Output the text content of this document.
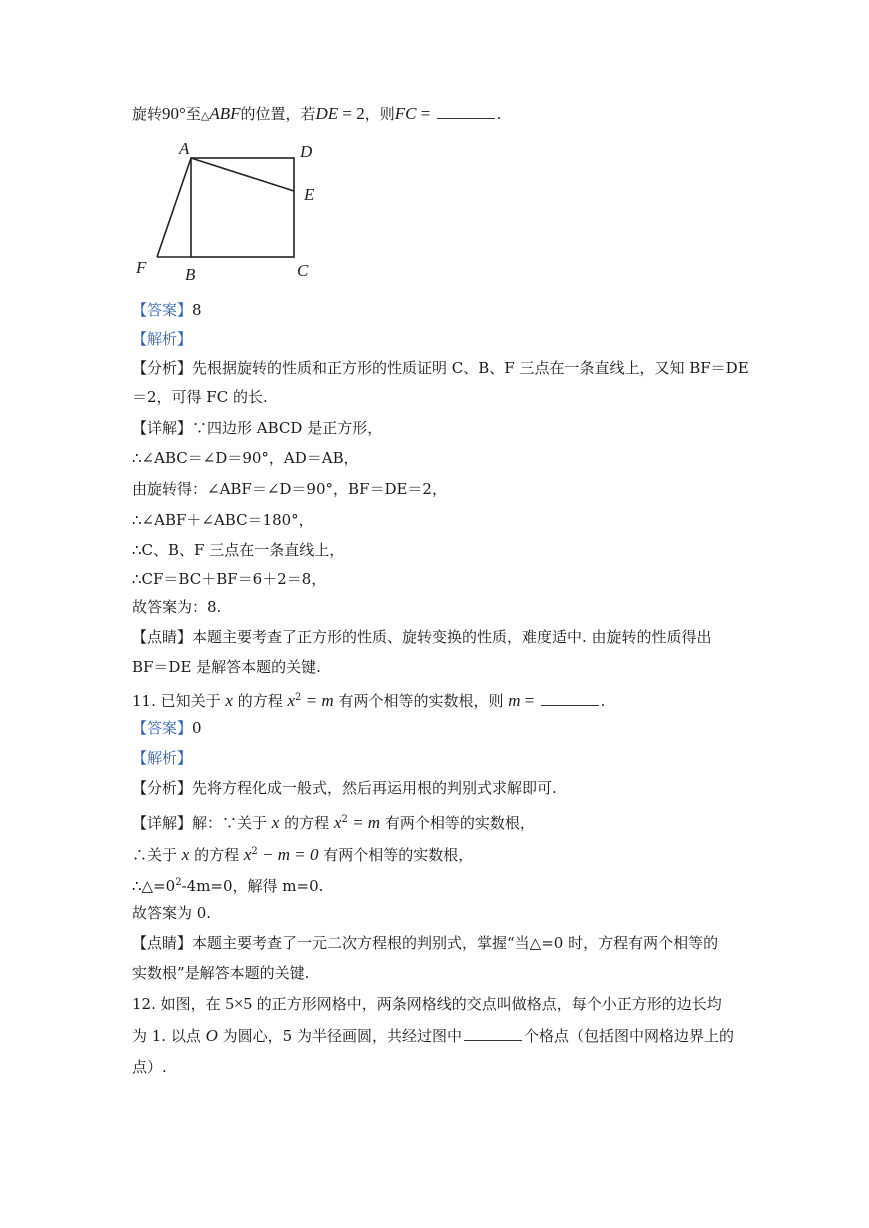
旋转90°至△ABF的位置，若DE = 2，则FC =	.
A	D
E
F B	C
【答案】8
【解析】
【分析】先根据旋转的性质和正方形的性质证明 C、B、F 三点在一条直线上，又知 BF＝DE
＝2，可得 FC 的长.
【详解】∵四边形 ABCD 是正方形，
∴∠ABC＝∠D＝90°，AD＝AB，
由旋转得：∠ABF＝∠D＝90°，BF＝DE＝2，
∴∠ABF＋∠ABC＝180°，
∴C、B、F 三点在一条直线上，
∴CF＝BC＋BF＝6＋2＝8，
故答案为：8.
【点睛】本题主要考查了正方形的性质、旋转变换的性质，难度适中. 由旋转的性质得出
BF＝DE 是解答本题的关键.
11. 已知关于 x 的方程 $x^2 = m$ 有两个相等的实数根，则 m =	.
【答案】0
【解析】
【分析】先将方程化成一般式，然后再运用根的判别式求解即可.
【详解】解：∵关于 x 的方程 $x^2 = m$ 有两个相等的实数根，
∴关于 x 的方程 $x^2 - m = 0$ 有两个相等的实数根，
$\therefore\triangle=0^2-4m=0$，解得 m=0.
故答案为 0.
【点睛】本题主要考查了一元二次方程根的判别式，掌握“当△=0 时，方程有两个相等的
实数根”是解答本题的关键.
12. 如图，在 5×5 的正方形网格中，两条网格线的交点叫做格点，每个小正方形的边长均
为 1. 以点 O 为圆心，5 为半径画圆，共经过图中	个格点（包括图中网格边界上的
点）.
